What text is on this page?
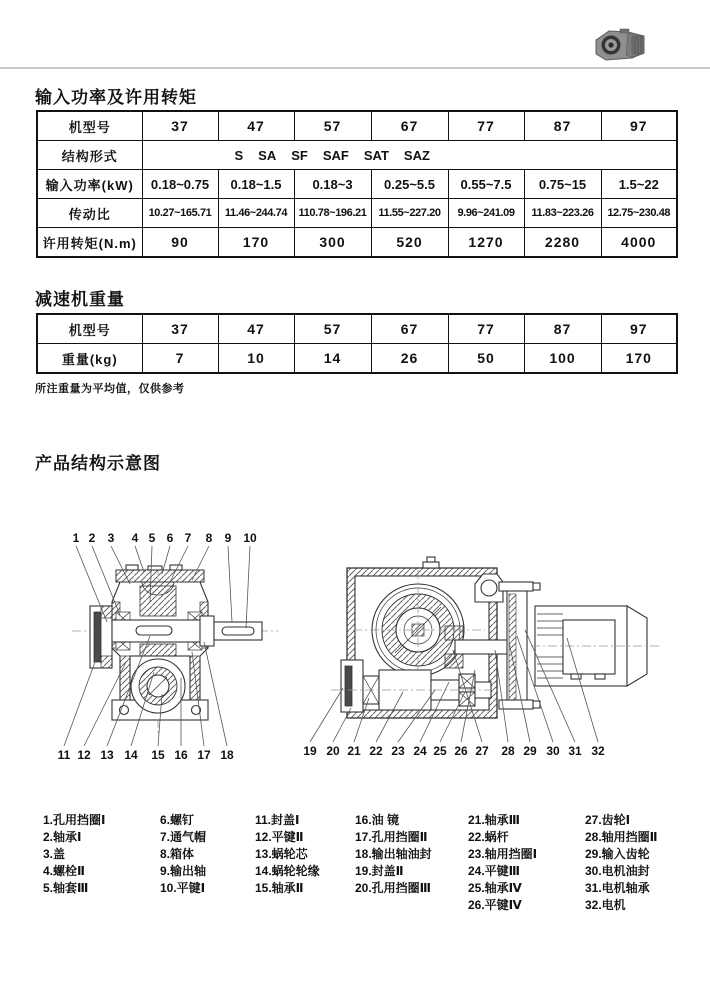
输入功率及许用转矩
机型号	37	47	57	67	77	87	97
结构形式	S SA SF SAF SAT SAZ						
输入功率(kW)	0.18~0.75	0.18~1.5	0.18~3	0.25~5.5	0.55~7.5	0.75~15	1.5~22
传动比	10.27~165.71	11.46~244.74	110.78~196.21	11.55~227.20	9.96~241.09	11.83~223.26	12.75~230.48
许用转矩(N.m)	90	170	300	520	1270	2280	4000
减速机重量
机型号	37	47	57	67	77	87	97
重量(kg)	7	10	14	26	50	100	170
所注重量为平均值，仅供参考
产品结构示意图
1 2 3 4 5 6 7 8 9 10
11 12 13 14 15 16 17 18	19 20 21 22 23 24 25 26 27 28 29 30 31 32
1.孔用挡圈Ⅰ
2.轴承Ⅰ
3.盖
4.螺栓Ⅱ
5.轴套Ⅲ
6.螺钉
7.通气帽
8.箱体
9.输出轴
10.平键Ⅰ
11.封盖Ⅰ
12.平键Ⅱ
13.蜗轮芯
14.蜗轮轮缘
15.轴承Ⅱ
16.油 镜
17.孔用挡圈Ⅱ
18.输出轴油封
19.封盖Ⅱ
20.孔用挡圈Ⅲ
21.轴承Ⅲ
22.蜗杆
23.轴用挡圈Ⅰ
24.平键Ⅲ
25.轴承Ⅳ
26.平键Ⅳ
27.齿轮Ⅰ
28.轴用挡圈Ⅱ
29.输入齿轮
30.电机油封
31.电机轴承
32.电机
